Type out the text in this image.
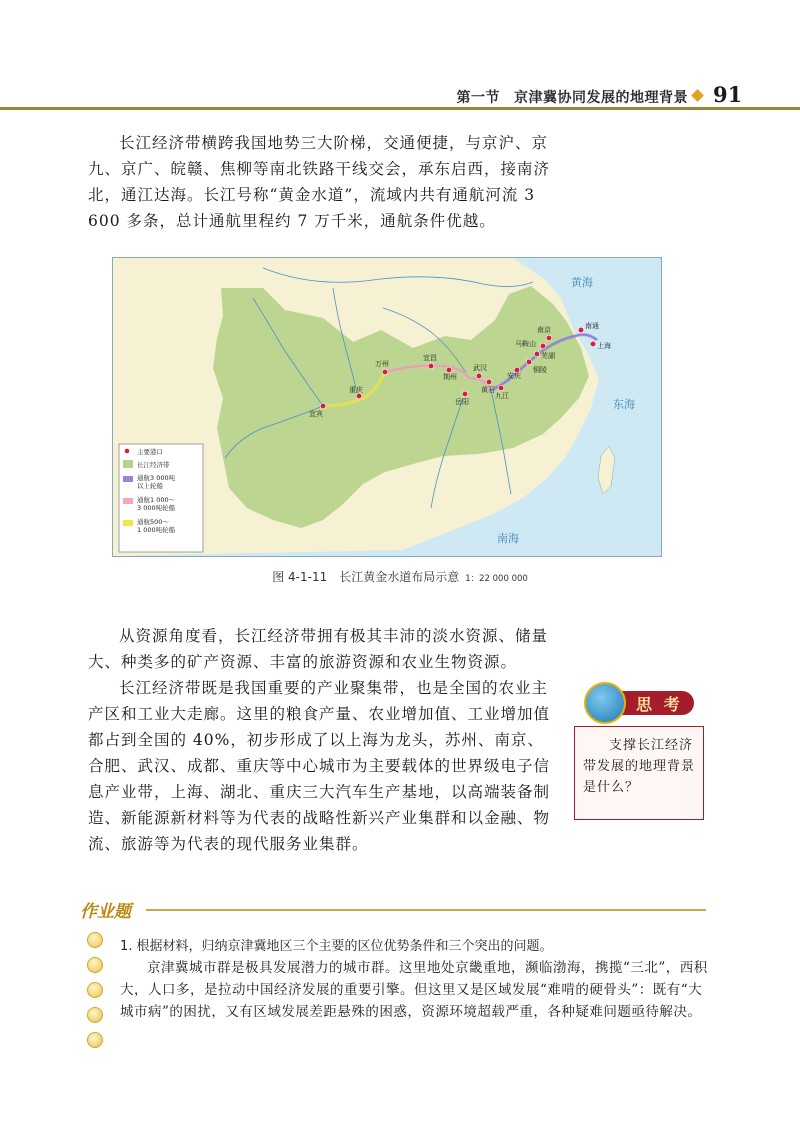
第一节 京津冀协同发展的地理背景 91
长江经济带横跨我国地势三大阶梯，交通便捷，与京沪、京九、京广、皖赣、焦柳等南北铁路干线交会，承东启西，接南济北，通江达海。长江号称“黄金水道”，流域内共有通航河流 3 600 多条，总计通航里程约 7 万千米，通航条件优越。
宜宾
重庆
万州
宜昌
荆州
岳阳
武汉
黄石
九江
安庆
铜陵
芜湖
马鞍山
南京	南通
上海
黄海
东海
南海
主要港口
长江经济带
通航3 000吨
以上轮船
通航1 000～
3 000吨轮船
通航500～
1 000吨轮船
图 4-1-11　长江黄金水道布局示意 1：22 000 000
从资源角度看，长江经济带拥有极其丰沛的淡水资源、储量大、种类多的矿产资源、丰富的旅游资源和农业生物资源。
长江经济带既是我国重要的产业聚集带，也是全国的农业主产区和工业大走廊。这里的粮食产量、农业增加值、工业增加值都占到全国的 40%，初步形成了以上海为龙头，苏州、南京、合肥、武汉、成都、重庆等中心城市为主要载体的世界级电子信息产业带，上海、湖北、重庆三大汽车生产基地，以高端装备制造、新能源新材料等为代表的战略性新兴产业集群和以金融、物流、旅游等为代表的现代服务业集群。
思 考
支撑长江经济带发展的地理背景是什么？
作业题
1. 根据材料，归纳京津冀地区三个主要的区位优势条件和三个突出的问题。
京津冀城市群是极具发展潜力的城市群。这里地处京畿重地，濒临渤海，携揽“三北”，西积大，人口多，是拉动中国经济发展的重要引擎。但这里又是区域发展“难啃的硬骨头”：既有“大城市病”的困扰，又有区域发展差距悬殊的困惑，资源环境超载严重，各种疑难问题亟待解决。
